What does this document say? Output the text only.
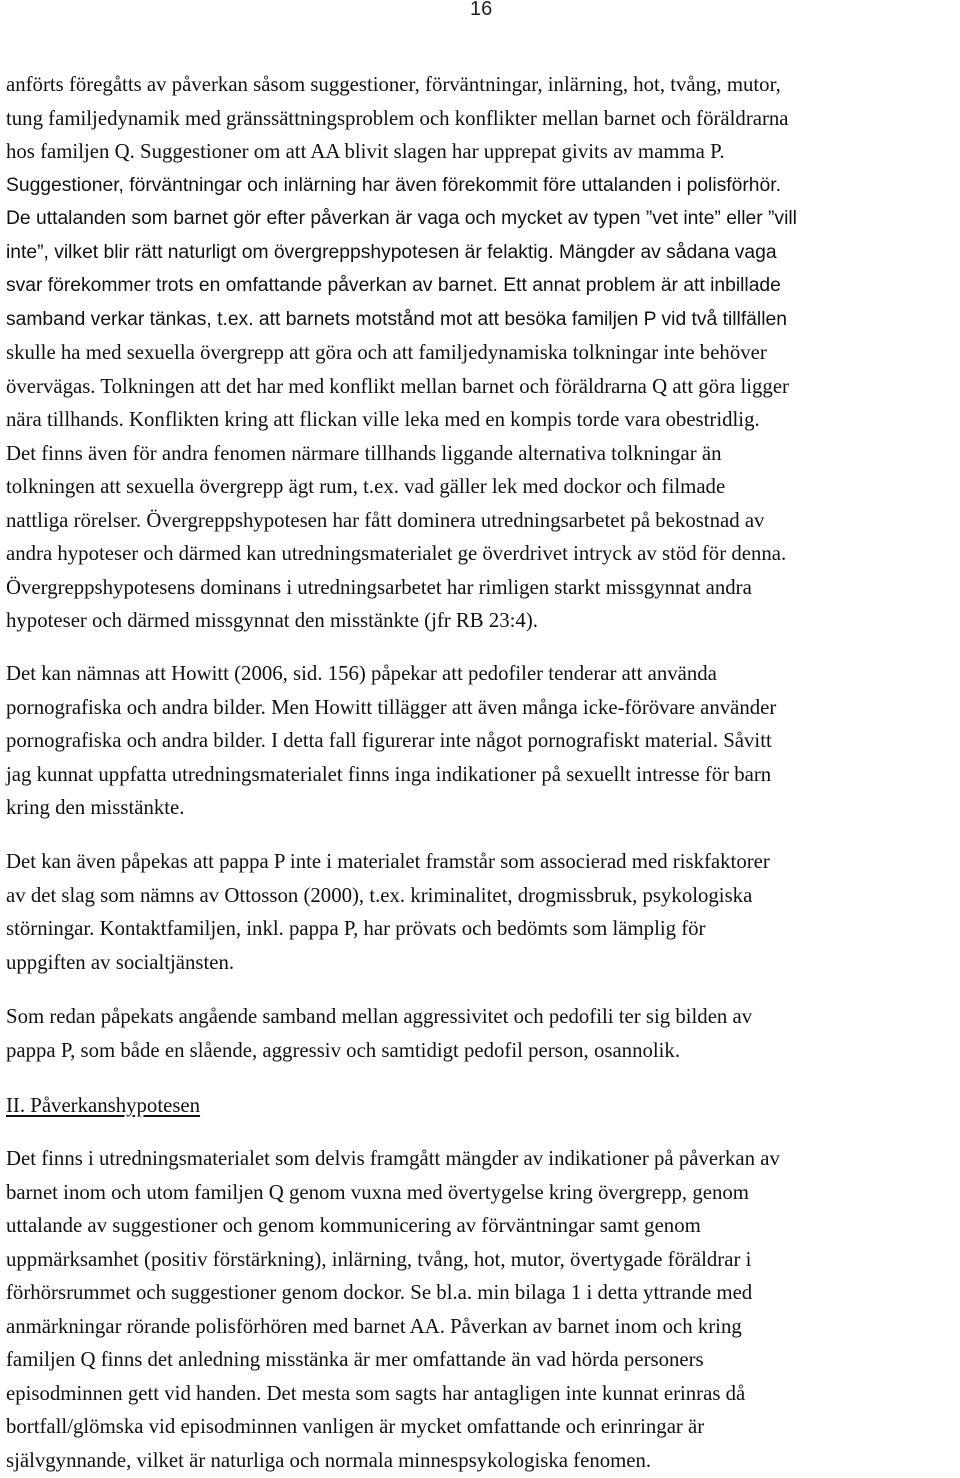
16
anförts föregåtts av påverkan såsom suggestioner, förväntningar, inlärning, hot, tvång, mutor,
tung familjedynamik med gränssättningsproblem och konflikter mellan barnet och föräldrarna
hos familjen Q. Suggestioner om att AA blivit slagen har upprepat givits av mamma P.
Suggestioner, förväntningar och inlärning har även förekommit före uttalanden i polisförhör.
De uttalanden som barnet gör efter påverkan är vaga och mycket av typen ”vet inte” eller ”vill
inte”, vilket blir rätt naturligt om övergreppshypotesen är felaktig. Mängder av sådana vaga
svar förekommer trots en omfattande påverkan av barnet. Ett annat problem är att inbillade
samband verkar tänkas, t.ex. att barnets motstånd mot att besöka familjen P vid två tillfällen
skulle ha med sexuella övergrepp att göra och att familjedynamiska tolkningar inte behöver
övervägas. Tolkningen att det har med konflikt mellan barnet och föräldrarna Q att göra ligger
nära tillhands. Konflikten kring att flickan ville leka med en kompis torde vara obestridlig.
Det finns även för andra fenomen närmare tillhands liggande alternativa tolkningar än
tolkningen att sexuella övergrepp ägt rum, t.ex. vad gäller lek med dockor och filmade
nattliga rörelser. Övergreppshypotesen har fått dominera utredningsarbetet på bekostnad av
andra hypoteser och därmed kan utredningsmaterialet ge överdrivet intryck av stöd för denna.
Övergreppshypotesens dominans i utredningsarbetet har rimligen starkt missgynnat andra
hypoteser och därmed missgynnat den misstänkte (jfr RB 23:4).
Det kan nämnas att Howitt (2006, sid. 156) påpekar att pedofiler tenderar att använda
pornografiska och andra bilder. Men Howitt tillägger att även många icke-förövare använder
pornografiska och andra bilder. I detta fall figurerar inte något pornografiskt material. Såvitt
jag kunnat uppfatta utredningsmaterialet finns inga indikationer på sexuellt intresse för barn
kring den misstänkte.
Det kan även påpekas att pappa P inte i materialet framstår som associerad med riskfaktorer
av det slag som nämns av Ottosson (2000), t.ex. kriminalitet, drogmissbruk, psykologiska
störningar. Kontaktfamiljen, inkl. pappa P, har prövats och bedömts som lämplig för
uppgiften av socialtjänsten.
Som redan påpekats angående samband mellan aggressivitet och pedofili ter sig bilden av
pappa P, som både en slående, aggressiv och samtidigt pedofil person, osannolik.
II. Påverkanshypotesen
Det finns i utredningsmaterialet som delvis framgått mängder av indikationer på påverkan av
barnet inom och utom familjen Q genom vuxna med övertygelse kring övergrepp, genom
uttalande av suggestioner och genom kommunicering av förväntningar samt genom
uppmärksamhet (positiv förstärkning), inlärning, tvång, hot, mutor, övertygade föräldrar i
förhörsrummet och suggestioner genom dockor. Se bl.a. min bilaga 1 i detta yttrande med
anmärkningar rörande polisförhören med barnet AA. Påverkan av barnet inom och kring
familjen Q finns det anledning misstänka är mer omfattande än vad hörda personers
episodminnen gett vid handen. Det mesta som sagts har antagligen inte kunnat erinras då
bortfall/glömska vid episodminnen vanligen är mycket omfattande och erinringar är
självgynnande, vilket är naturliga och normala minnespsykologiska fenomen.
